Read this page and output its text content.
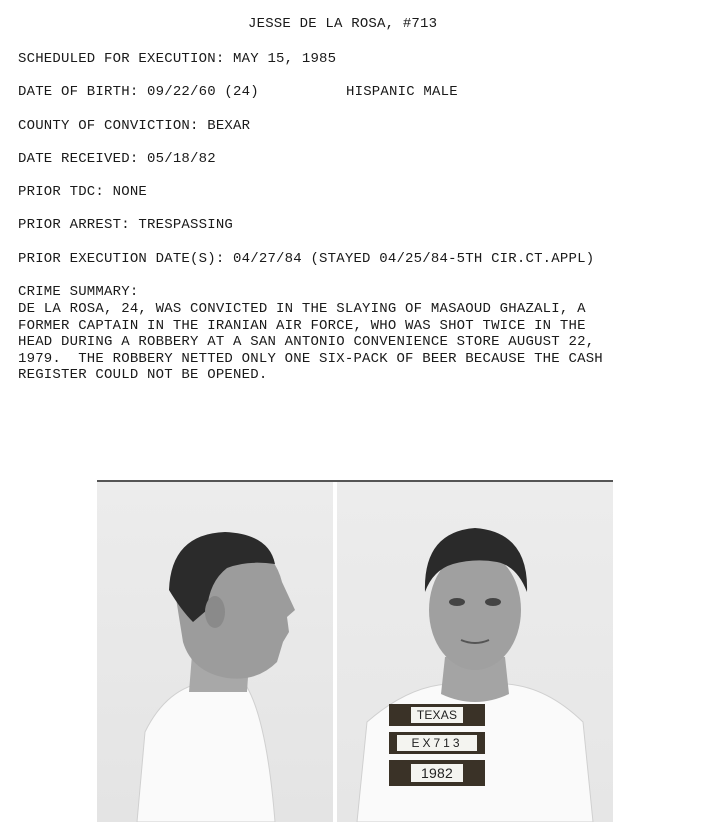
JESSE DE LA ROSA, #713
SCHEDULED FOR EXECUTION: MAY 15, 1985
DATE OF BIRTH: 09/22/60 (24)	HISPANIC MALE
COUNTY OF CONVICTION: BEXAR
DATE RECEIVED: 05/18/82
PRIOR TDC: NONE
PRIOR ARREST: TRESPASSING
PRIOR EXECUTION DATE(S): 04/27/84 (STAYED 04/25/84-5TH CIR.CT.APPL)
CRIME SUMMARY:
DE LA ROSA, 24, WAS CONVICTED IN THE SLAYING OF MASAOUD GHAZALI, A
FORMER CAPTAIN IN THE IRANIAN AIR FORCE, WHO WAS SHOT TWICE IN THE
HEAD DURING A ROBBERY AT A SAN ANTONIO CONVENIENCE STORE AUGUST 22,
1979.  THE ROBBERY NETTED ONLY ONE SIX-PACK OF BEER BECAUSE THE CASH
REGISTER COULD NOT BE OPENED.
TEXAS
EX713
1982
